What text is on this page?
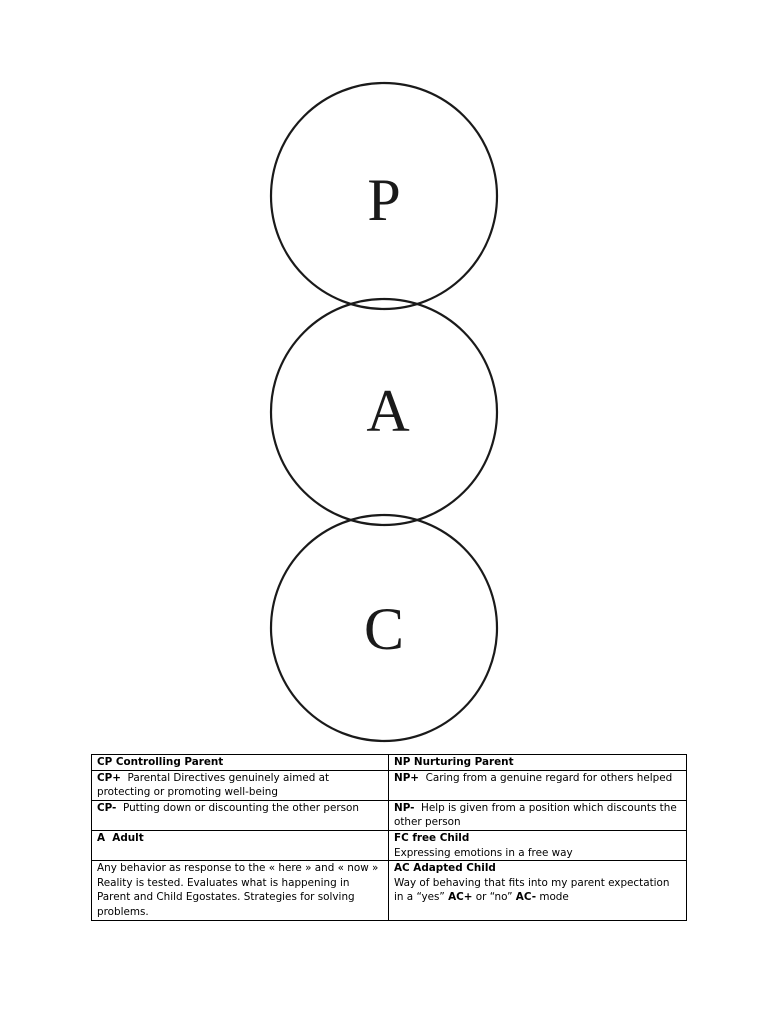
P
A
C
CP Controlling Parent	NP Nurturing Parent
CP+  Parental Directives genuinely aimed at protecting or promoting well-being	NP+  Caring from a genuine regard for others helped
CP-  Putting down or discounting the other person	NP-  Help is given from a position which discounts the other person
A  Adult	FC free Child
Expressing emotions in a free way

Any behavior as response to the « here » and « now » Reality is tested. Evaluates what is happening in Parent and Child Egostates. Strategies for solving problems.	AC Adapted Child
Way of behaving that fits into my parent expectation in a “yes” AC+ or “no” AC- mode
